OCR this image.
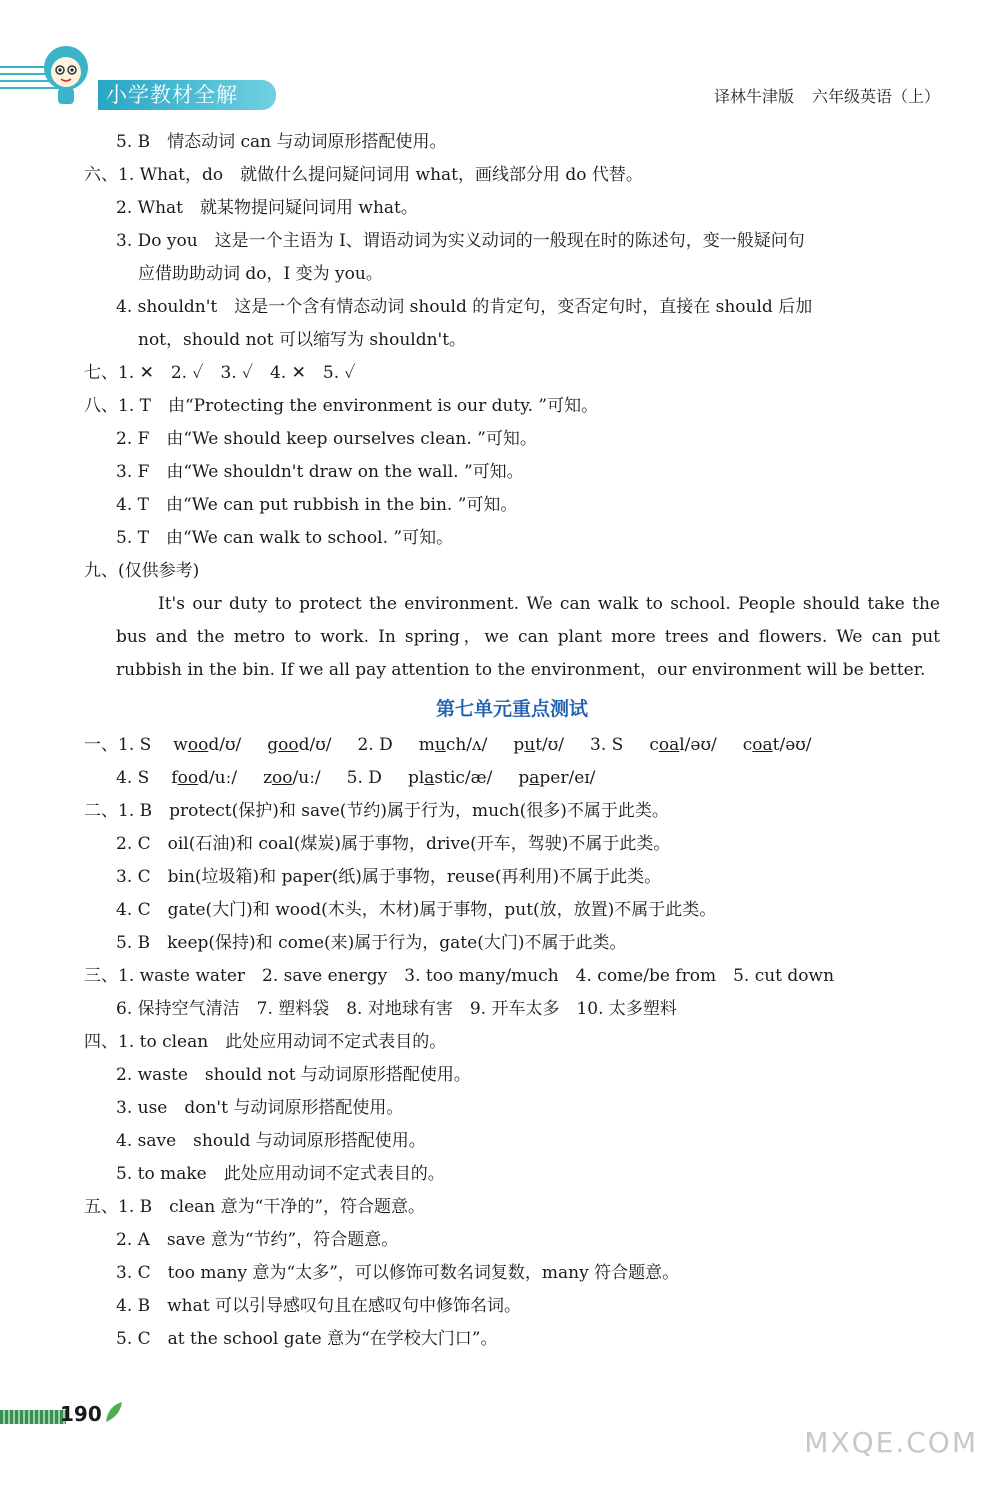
小学教材全解	译林牛津版 六年级英语（上）
5. B　情态动词 can 与动词原形搭配使用。
六、1. What，do　就做什么提问疑问词用 what，画线部分用 do 代替。
2. What　就某物提问疑问词用 what。
3. Do you　这是一个主语为 I、谓语动词为实义动词的一般现在时的陈述句，变一般疑问句
应借助助动词 do，I 变为 you。
4. shouldn't　这是一个含有情态动词 should 的肯定句，变否定句时，直接在 should 后加
not，should not 可以缩写为 shouldn't。
七、1. ✕　2. ✓　3. ✓　4. ✕　5. ✓
八、1. T　由“Protecting the environment is our duty. ”可知。
2. F　由“We should keep ourselves clean. ”可知。
3. F　由“We shouldn't draw on the wall. ”可知。
4. T　由“We can put rubbish in the bin. ”可知。
5. T　由“We can walk to school. ”可知。
九、(仅供参考)
It's our duty to protect the environment. We can walk to school. People should take the bus and the metro to work. In spring，we can plant more trees and flowers. We can put rubbish in the bin. If we all pay attention to the environment，our environment will be better.
第七单元重点测试
一、1. S wood/ʊ/ good/ʊ/ 2. D much/ʌ/ put/ʊ/ 3. S coal/əʊ/ coat/əʊ/
4. S food/uː/ zoo/uː/ 5. D plastic/æ/ paper/eɪ/
二、1. B　protect(保护)和 save(节约)属于行为，much(很多)不属于此类。
2. C　oil(石油)和 coal(煤炭)属于事物，drive(开车，驾驶)不属于此类。
3. C　bin(垃圾箱)和 paper(纸)属于事物，reuse(再利用)不属于此类。
4. C　gate(大门)和 wood(木头，木材)属于事物，put(放，放置)不属于此类。
5. B　keep(保持)和 come(来)属于行为，gate(大门)不属于此类。
三、1. waste water　2. save energy　3. too many/much　4. come/be from　5. cut down
6. 保持空气清洁　7. 塑料袋　8. 对地球有害　9. 开车太多　10. 太多塑料
四、1. to clean　此处应用动词不定式表目的。
2. waste　should not 与动词原形搭配使用。
3. use　don't 与动词原形搭配使用。
4. save　should 与动词原形搭配使用。
5. to make　此处应用动词不定式表目的。
五、1. B　clean 意为“干净的”，符合题意。
2. A　save 意为“节约”，符合题意。
3. C　too many 意为“太多”，可以修饰可数名词复数，many 符合题意。
4. B　what 可以引导感叹句且在感叹句中修饰名词。
5. C　at the school gate 意为“在学校大门口”。
190
MXQE.COM
